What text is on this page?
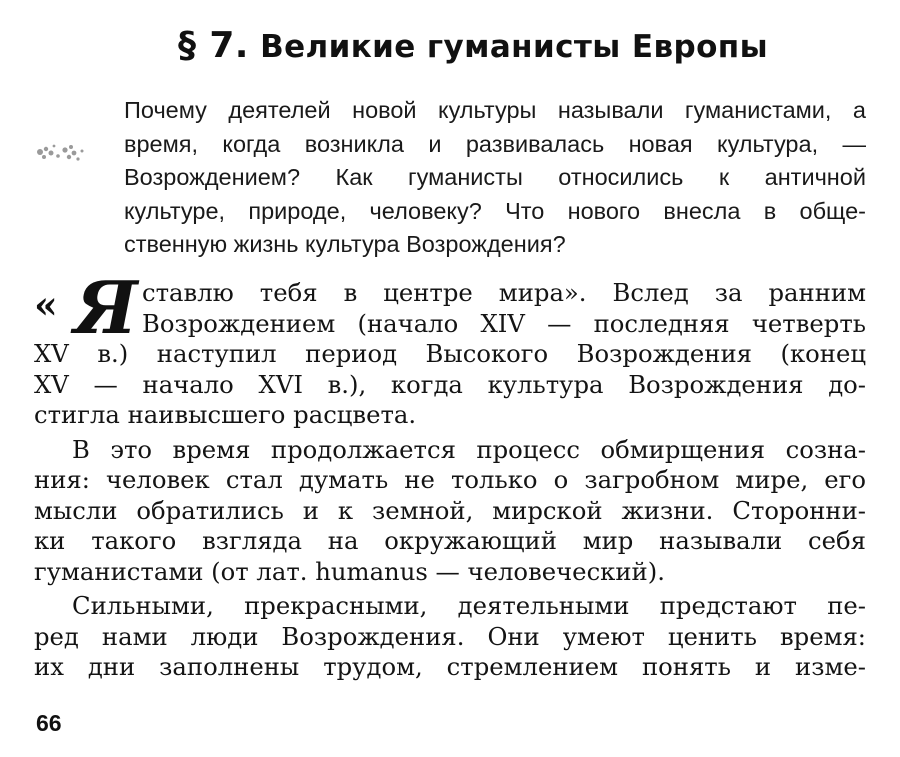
§ 7. Великие гуманисты Европы
Почему деятелей новой культуры называли гуманистами, а
время, когда возникла и развивалась новая культура, —
Возрождением? Как гуманисты относились к античной
культуре, природе, человеку? Что нового внесла в обще-
ственную жизнь культура Возрождения?
« Я ставлю тебя в центре мира». Вслед за ранним
Возрождением (начало XIV — последняя четверть
XV в.) наступил период Высокого Возрождения (конец
XV — начало XVI в.), когда культура Возрождения до-
стигла наивысшего расцвета.
В это время продолжается процесс обмирщения созна-
ния: человек стал думать не только о загробном мире, его
мысли обратились и к земной, мирской жизни. Сторонни-
ки такого взгляда на окружающий мир называли себя
гуманистами (от лат. humanus — человеческий).
Сильными, прекрасными, деятельными предстают пе-
ред нами люди Возрождения. Они умеют ценить время:
их дни заполнены трудом, стремлением понять и изме-
66
